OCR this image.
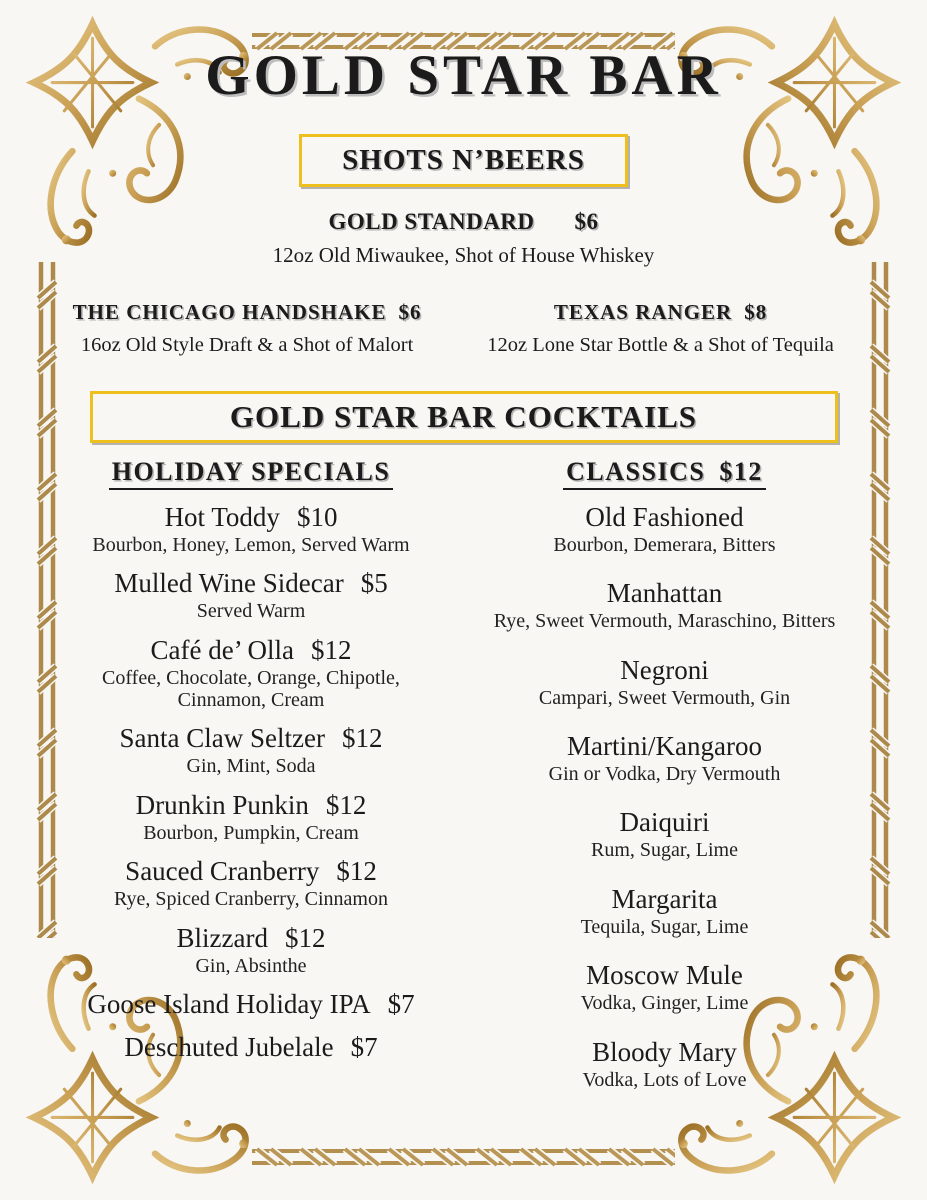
GOLD STAR BAR
SHOTS N’BEERS
GOLD STANDARD $6
12oz Old Miwaukee, Shot of House Whiskey
THE CHICAGO HANDSHAKE $6
16oz Old Style Draft & a Shot of Malort
TEXAS RANGER $8
12oz Lone Star Bottle & a Shot of Tequila
GOLD STAR BAR COCKTAILS
HOLIDAY SPECIALS
Hot Toddy $10
Bourbon, Honey, Lemon, Served Warm
Mulled Wine Sidecar $5
Served Warm
Café de’ Olla $12
Coffee, Chocolate, Orange, Chipotle, Cinnamon, Cream
Santa Claw Seltzer $12
Gin, Mint, Soda
Drunkin Punkin $12
Bourbon, Pumpkin, Cream
Sauced Cranberry $12
Rye, Spiced Cranberry, Cinnamon
Blizzard $12
Gin, Absinthe
Goose Island Holiday IPA $7
Deschuted Jubelale $7
CLASSICS $12
Old Fashioned
Bourbon, Demerara, Bitters
Manhattan
Rye, Sweet Vermouth, Maraschino, Bitters
Negroni
Campari, Sweet Vermouth, Gin
Martini/Kangaroo
Gin or Vodka, Dry Vermouth
Daiquiri
Rum, Sugar, Lime
Margarita
Tequila, Sugar, Lime
Moscow Mule
Vodka, Ginger, Lime
Bloody Mary
Vodka, Lots of Love
